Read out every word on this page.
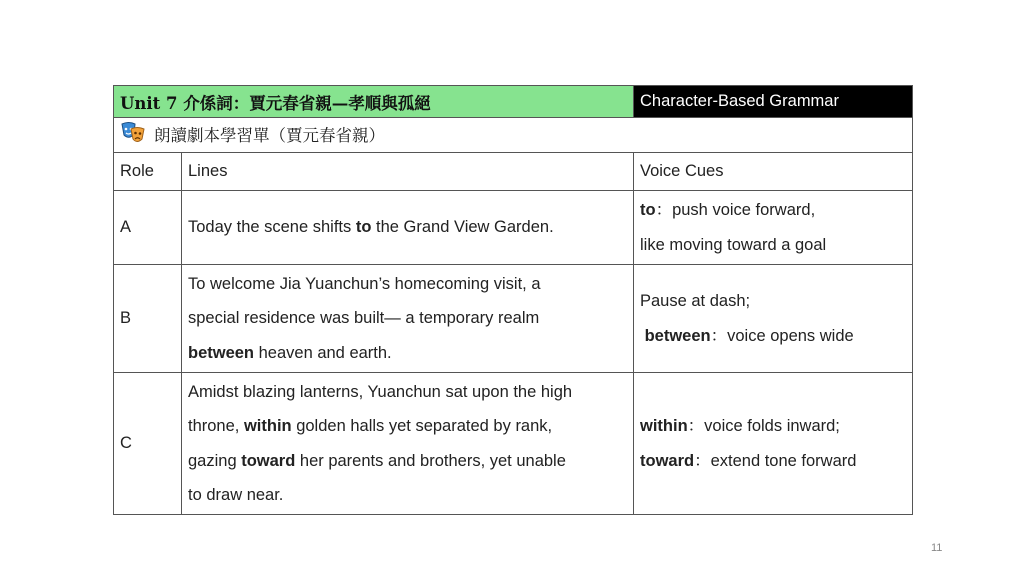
Unit 7 介係詞：賈元春省親—孝順與孤絕		Character-Based Grammar
朗讀劇本學習單（賈元春省親）		
Role	Lines	Voice Cues
A	Today the scene shifts to the Grand View Garden.	to：push voice forward,
like moving toward a goal
B	To welcome Jia Yuanchun’s homecoming visit, a
special residence was built— a temporary realm
between heaven and earth.	Pause at dash;
between：voice opens wide
C	Amidst blazing lanterns, Yuanchun sat upon the high
throne, within golden halls yet separated by rank,
gazing toward her parents and brothers, yet unable
to draw near.	within：voice folds inward;
toward：extend tone forward
11
